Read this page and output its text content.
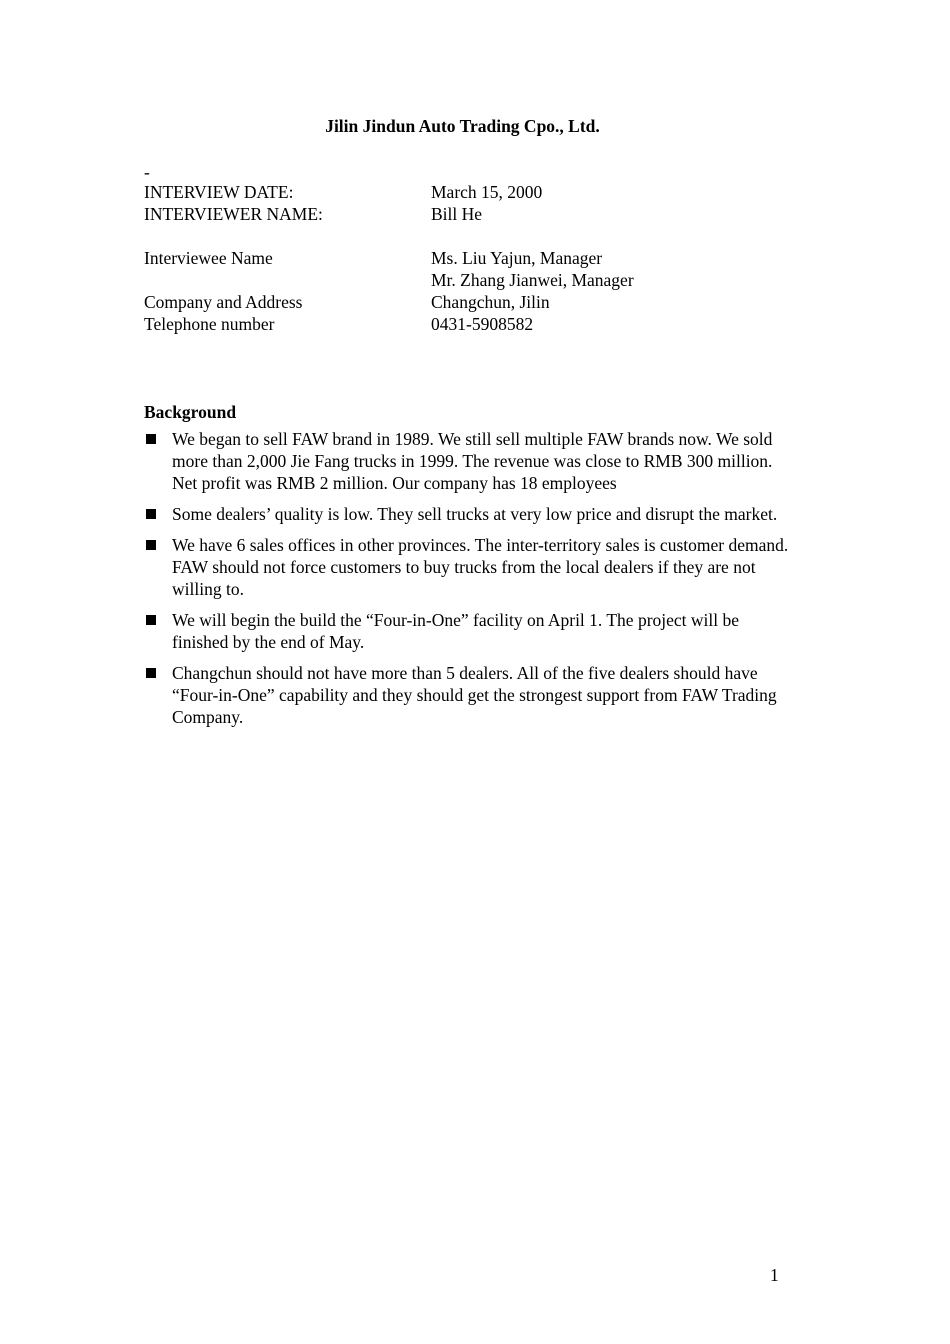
Jilin Jindun Auto Trading Cpo., Ltd.
-
INTERVIEW DATE:	March 15, 2000
INTERVIEWER NAME:	Bill He
Interviewee Name	Ms. Liu Yajun, Manager
Mr. Zhang Jianwei, Manager
Company and Address	Changchun, Jilin
Telephone number	0431-5908582
Background
We began to sell FAW brand in 1989. We still sell multiple FAW brands now. We sold more than 2,000 Jie Fang trucks in 1999. The revenue was close to RMB 300 million. Net profit was RMB 2 million. Our company has 18 employees
Some dealers’ quality is low. They sell trucks at very low price and disrupt the market.
We have 6 sales offices in other provinces. The inter-territory sales is customer demand. FAW should not force customers to buy trucks from the local dealers if they are not willing to.
We will begin the build the “Four-in-One” facility on April 1. The project will be finished by the end of May.
Changchun should not have more than 5 dealers. All of the five dealers should have “Four-in-One” capability and they should get the strongest support from FAW Trading Company.
1
